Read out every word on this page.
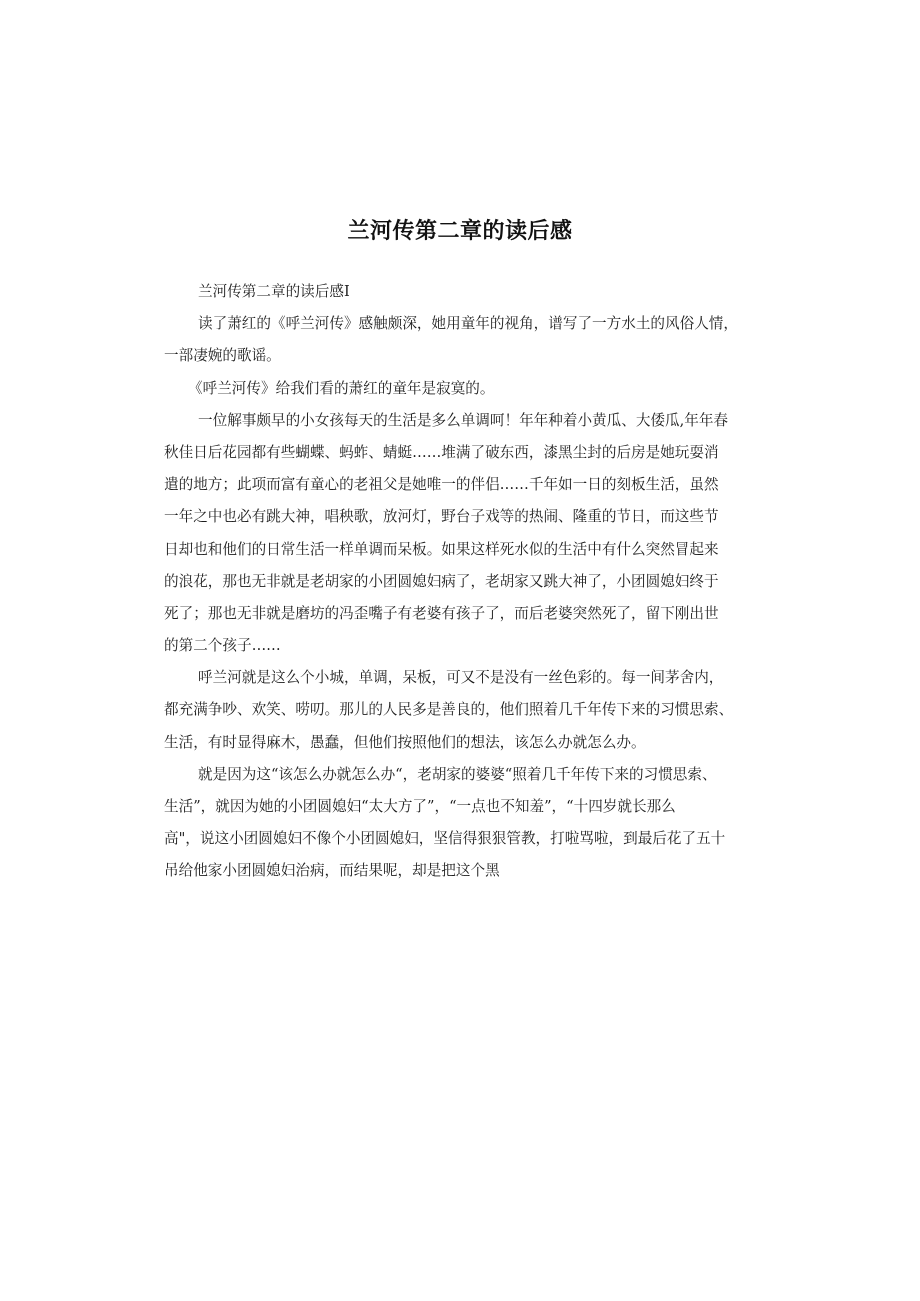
兰河传第二章的读后感
兰河传第二章的读后感I
读了萧红的《呼兰河传》感触颇深，她用童年的视角，谱写了一方水土的风俗人情，
一部凄婉的歌谣。
《呼兰河传》给我们看的萧红的童年是寂寞的。
一位解事颇早的小女孩每天的生活是多么单调呵！年年种着小黄瓜、大倭瓜,年年春
秋佳日后花园都有些蝴蝶、蚂蚱、蜻蜓……堆满了破东西，漆黑尘封的后房是她玩耍消
遣的地方；此项而富有童心的老祖父是她唯一的伴侣……千年如一日的刻板生活，虽然
一年之中也必有跳大神，唱秧歌，放河灯，野台子戏等的热闹、隆重的节日，而这些节
日却也和他们的日常生活一样单调而呆板。如果这样死水似的生活中有什么突然冒起来
的浪花，那也无非就是老胡家的小团圆媳妇病了，老胡家又跳大神了，小团圆媳妇终于
死了；那也无非就是磨坊的冯歪嘴子有老婆有孩子了，而后老婆突然死了，留下刚出世
的第二个孩子……
呼兰河就是这么个小城，单调，呆板，可又不是没有一丝色彩的。每一间茅舍内，
都充满争吵、欢笑、唠叨。那儿的人民多是善良的，他们照着几千年传下来的习惯思索、
生活，有时显得麻木，愚蠢，但他们按照他们的想法，该怎么办就怎么办。
就是因为这“该怎么办就怎么办“，老胡家的婆婆“照着几千年传下来的习惯思索、
生活”，就因为她的小团圆媳妇“太大方了”，“一点也不知羞”，“十四岁就长那么
高"，说这小团圆媳妇不像个小团圆媳妇，坚信得狠狠管教，打啦骂啦，到最后花了五十
吊给他家小团圆媳妇治病，而结果呢，却是把这个黑
